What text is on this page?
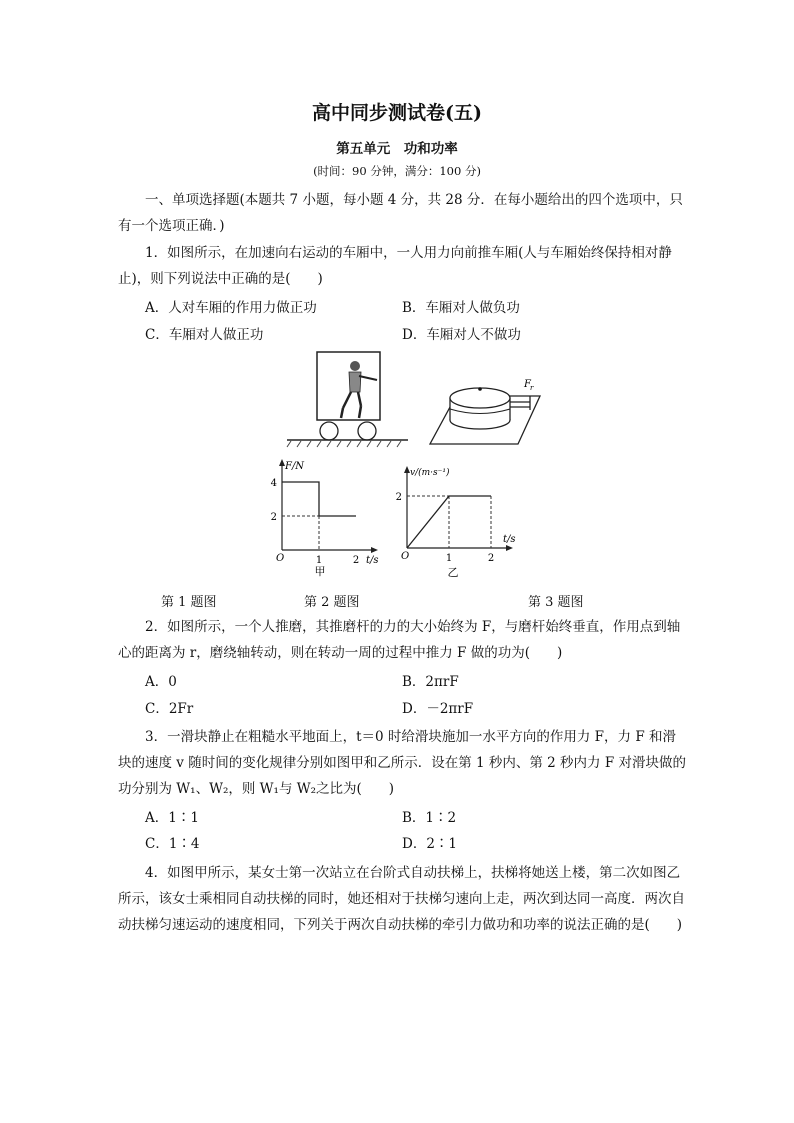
高中同步测试卷(五)
第五单元　功和功率
(时间：90 分钟，满分：100 分)
一、单项选择题(本题共 7 小题，每小题 4 分，共 28 分．在每小题给出的四个选项中，只有一个选项正确．)
1．如图所示，在加速向右运动的车厢中，一人用力向前推车厢(人与车厢始终保持相对静止)，则下列说法中正确的是(　　)
A．人对车厢的作用力做正功	B．车厢对人做负功
C．车厢对人做正功	D．车厢对人不做功
F r
F/N
t/s
O
4
2
1	2
甲
v/(m·s⁻¹)
t/s
O
2
1	2
乙
第 1 题图	第 2 题图	第 3 题图
2．如图所示，一个人推磨，其推磨杆的力的大小始终为 F，与磨杆始终垂直，作用点到轴心的距离为 r，磨绕轴转动，则在转动一周的过程中推力 F 做的功为(　　)
A．0	B．2πrF
C．2Fr	D．－2πrF
3．一滑块静止在粗糙水平地面上，t＝0 时给滑块施加一水平方向的作用力 F，力 F 和滑块的速度 v 随时间的变化规律分别如图甲和乙所示．设在第 1 秒内、第 2 秒内力 F 对滑块做的功分别为 W₁、W₂，则 W₁与 W₂之比为(　　)
A．1∶1	B．1∶2
C．1∶4	D．2∶1
4．如图甲所示，某女士第一次站立在台阶式自动扶梯上，扶梯将她送上楼，第二次如图乙所示，该女士乘相同自动扶梯的同时，她还相对于扶梯匀速向上走，两次到达同一高度．两次自动扶梯匀速运动的速度相同，下列关于两次自动扶梯的牵引力做功和功率的说法正确的是(　　)
